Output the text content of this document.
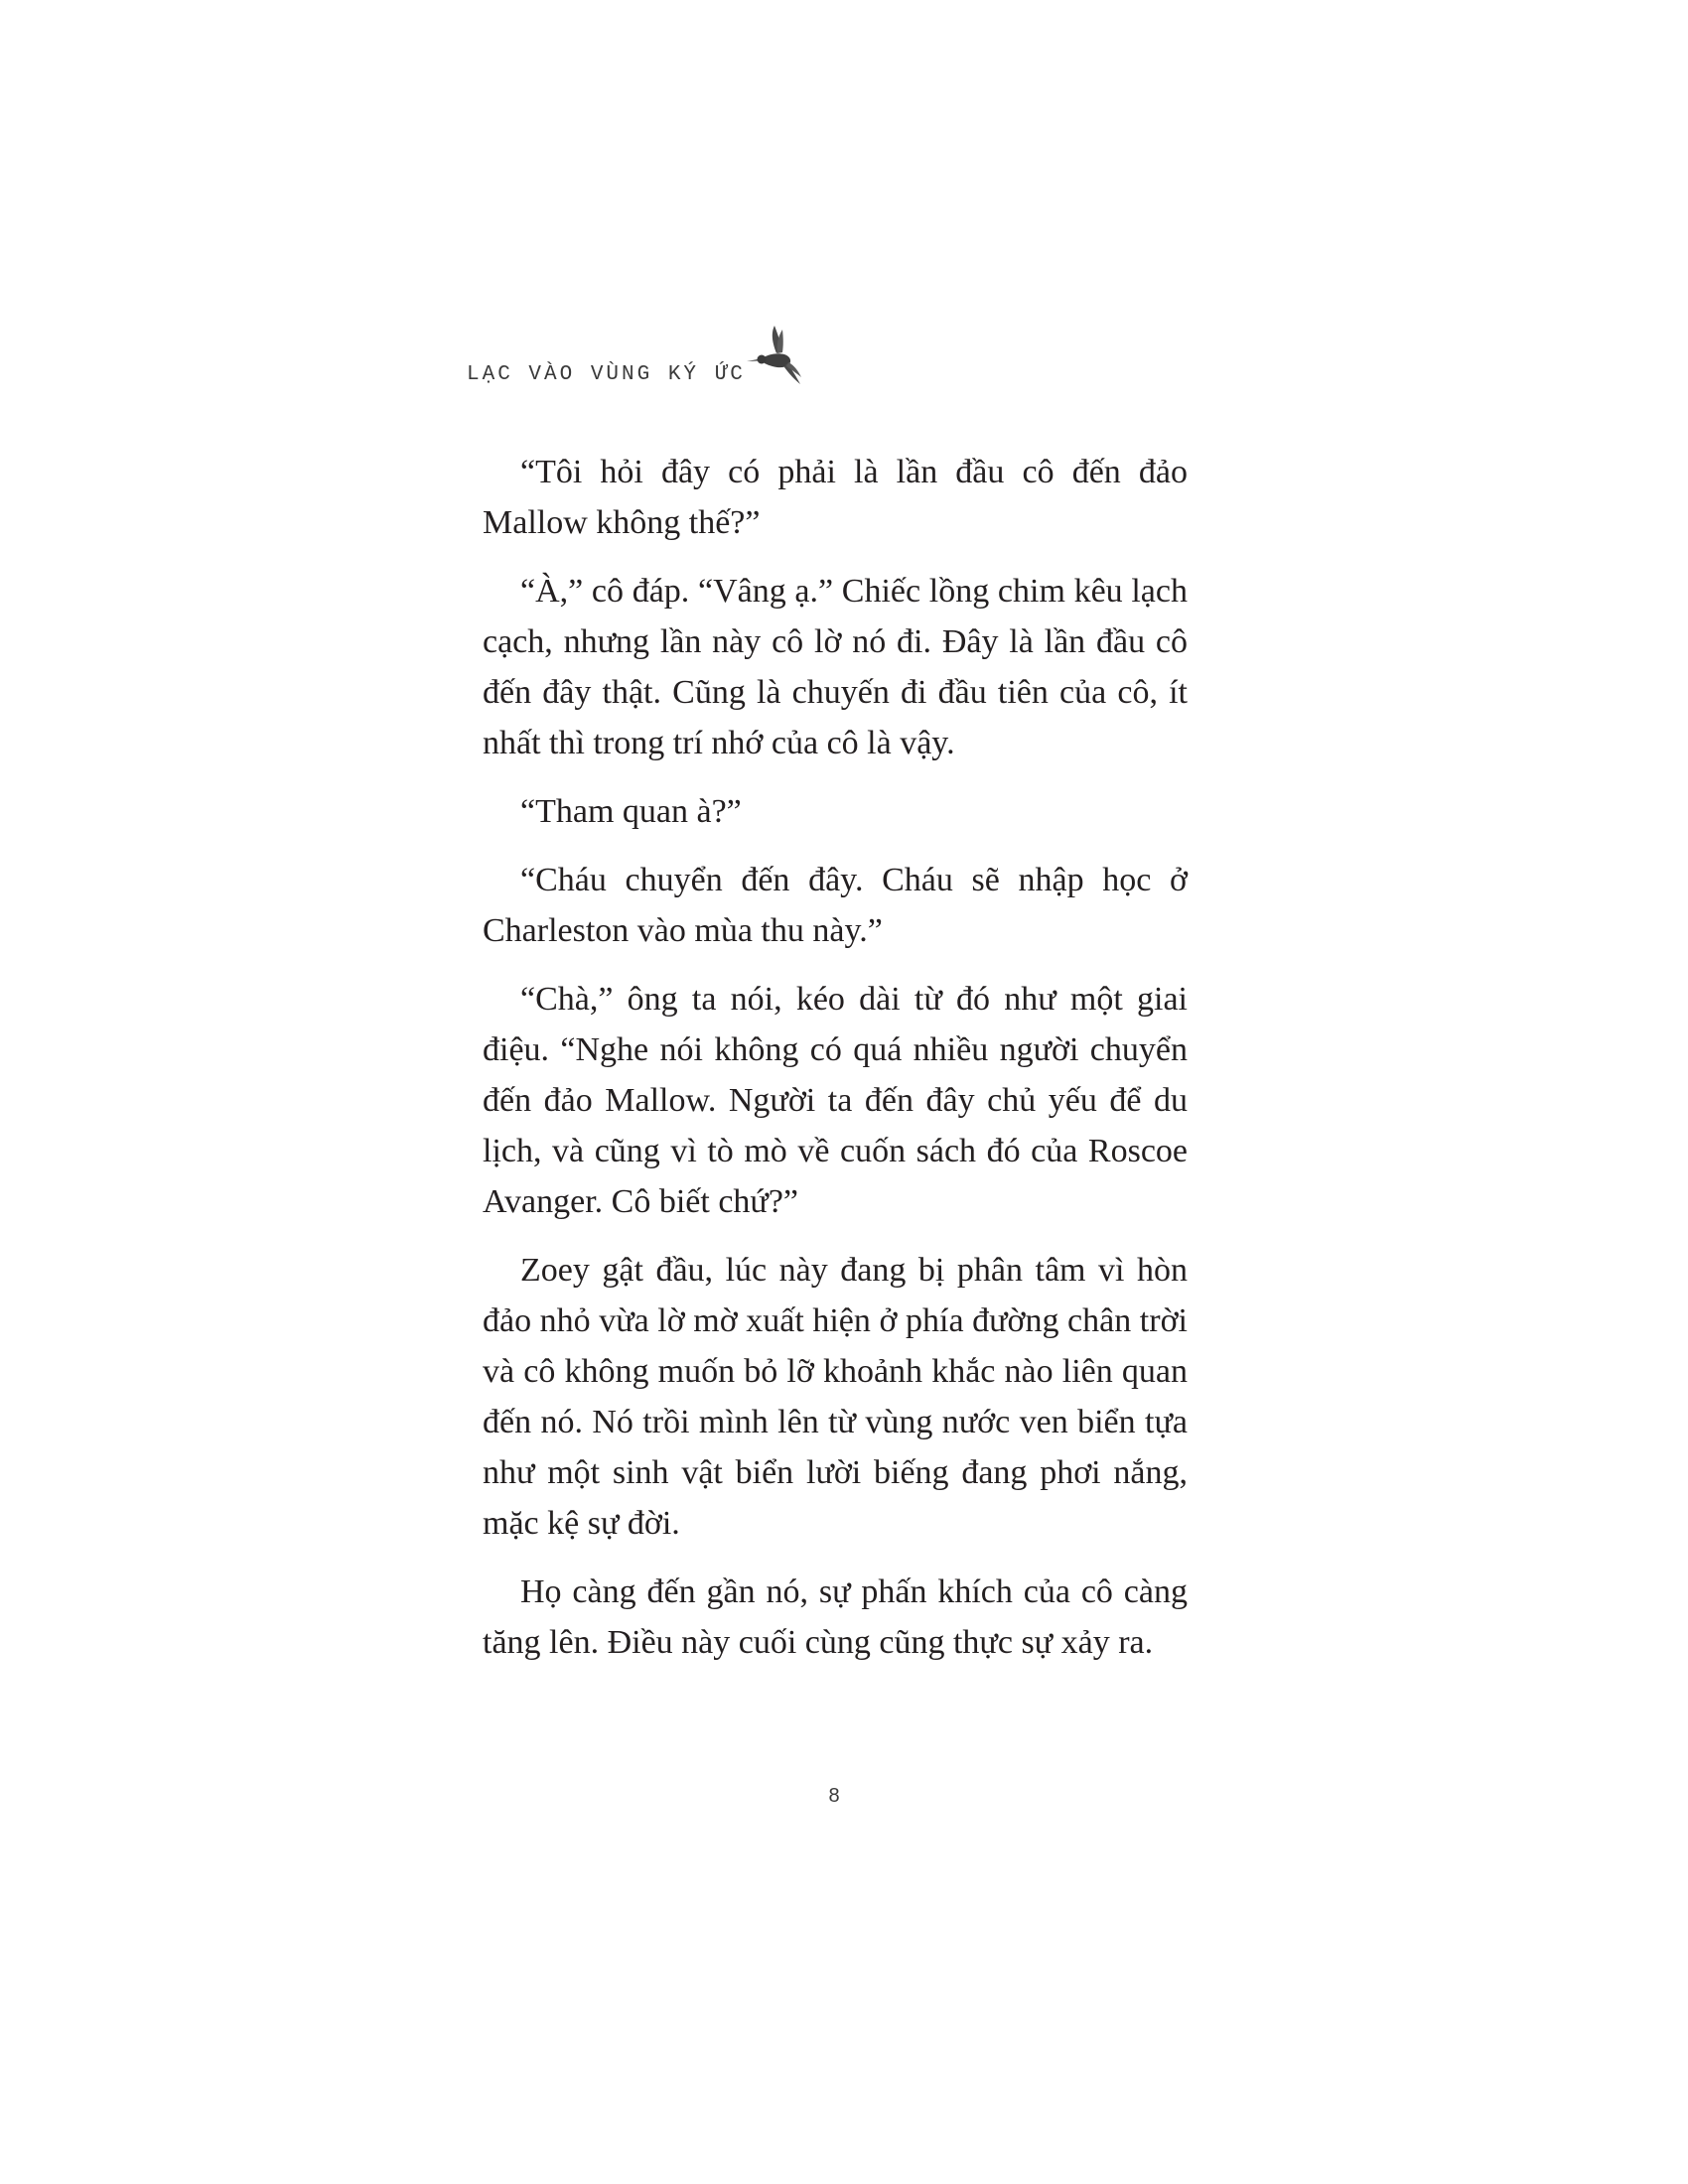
LẠC VÀO VÙNG KÝ ỨC

“Tôi hỏi đây có phải là lần đầu cô đến đảo Mallow không thế?”

“À,” cô đáp. “Vâng ạ.” Chiếc lồng chim kêu lạch cạch, nhưng lần này cô lờ nó đi. Đây là lần đầu cô đến đây thật. Cũng là chuyến đi đầu tiên của cô, ít nhất thì trong trí nhớ của cô là vậy.

“Tham quan à?”

“Cháu chuyển đến đây. Cháu sẽ nhập học ở Charleston vào mùa thu này.”

“Chà,” ông ta nói, kéo dài từ đó như một giai điệu. “Nghe nói không có quá nhiều người chuyển đến đảo Mallow. Người ta đến đây chủ yếu để du lịch, và cũng vì tò mò về cuốn sách đó của Roscoe Avanger. Cô biết chứ?”

Zoey gật đầu, lúc này đang bị phân tâm vì hòn đảo nhỏ vừa lờ mờ xuất hiện ở phía đường chân trời và cô không muốn bỏ lỡ khoảnh khắc nào liên quan đến nó. Nó trồi mình lên từ vùng nước ven biển tựa như một sinh vật biển lười biếng đang phơi nắng, mặc kệ sự đời.

Họ càng đến gần nó, sự phấn khích của cô càng tăng lên. Điều này cuối cùng cũng thực sự xảy ra.

8
